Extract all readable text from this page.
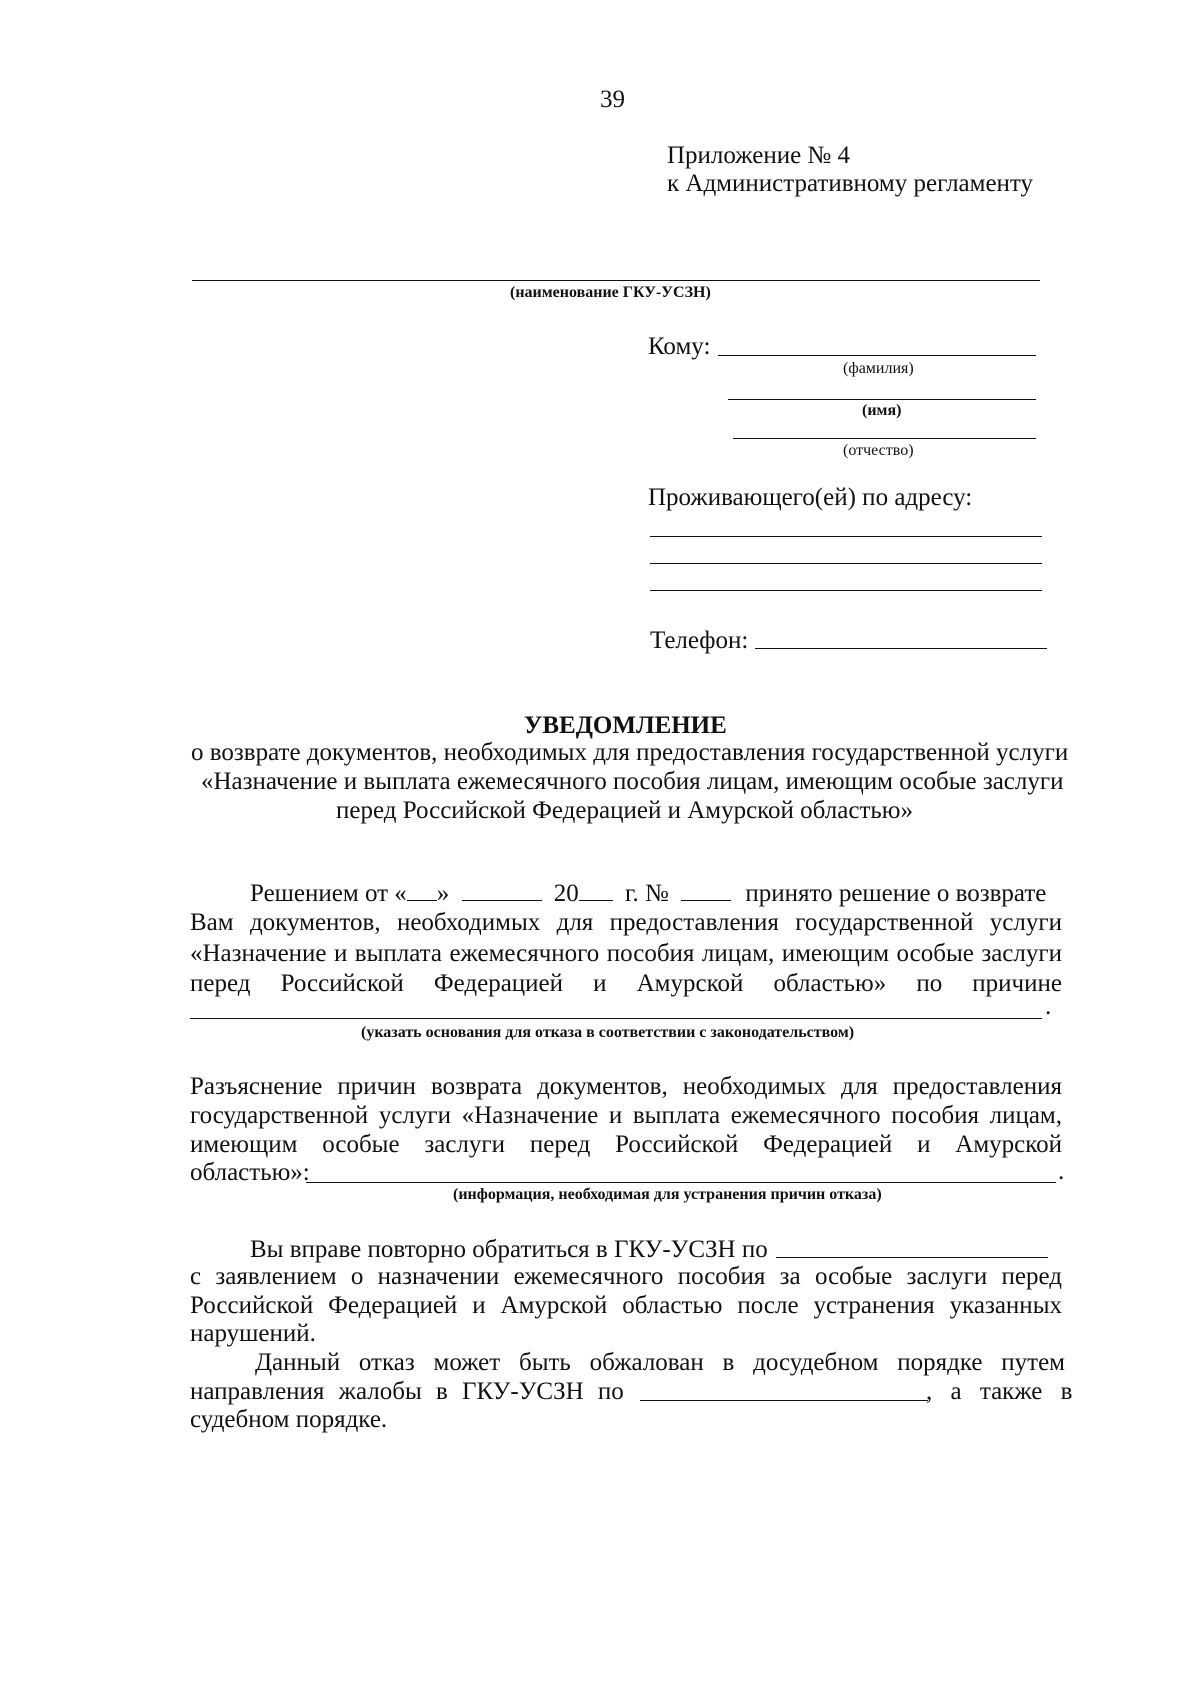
39
Приложение № 4
к Административному регламенту
(наименование ГКУ-УСЗН)
Кому:
(фамилия)
(имя)
(отчество)
Проживающего(ей) по адресу:
Телефон:
УВЕДОМЛЕНИЕ
о возврате документов, необходимых для предоставления государственной услуги
«Назначение и выплата ежемесячного пособия лицам, имеющим особые заслуги
перед Российской Федерацией и Амурской областью»
Решением от « »	20 г. №	принято решение о возврате
Вам документов, необходимых для предоставления государственной услуги
«Назначение и выплата ежемесячного пособия лицам, имеющим особые заслуги
перед Российской Федерацией и Амурской областью» по причине
.
(указать основания для отказа в соответствии с законодательством)
Разъяснение причин возврата документов, необходимых для предоставления
государственной услуги «Назначение и выплата ежемесячного пособия лицам,
имеющим особые заслуги перед Российской Федерацией и Амурской
областью»:	.
(информация, необходимая для устранения причин отказа)
Вы вправе повторно обратиться в ГКУ-УСЗН по
с заявлением о назначении ежемесячного пособия за особые заслуги перед
Российской Федерацией и Амурской областью после устранения указанных
нарушений.
Данный отказ может быть обжалован в досудебном порядке путем
направления жалобы в ГКУ-УСЗН по	, а также в
судебном порядке.
